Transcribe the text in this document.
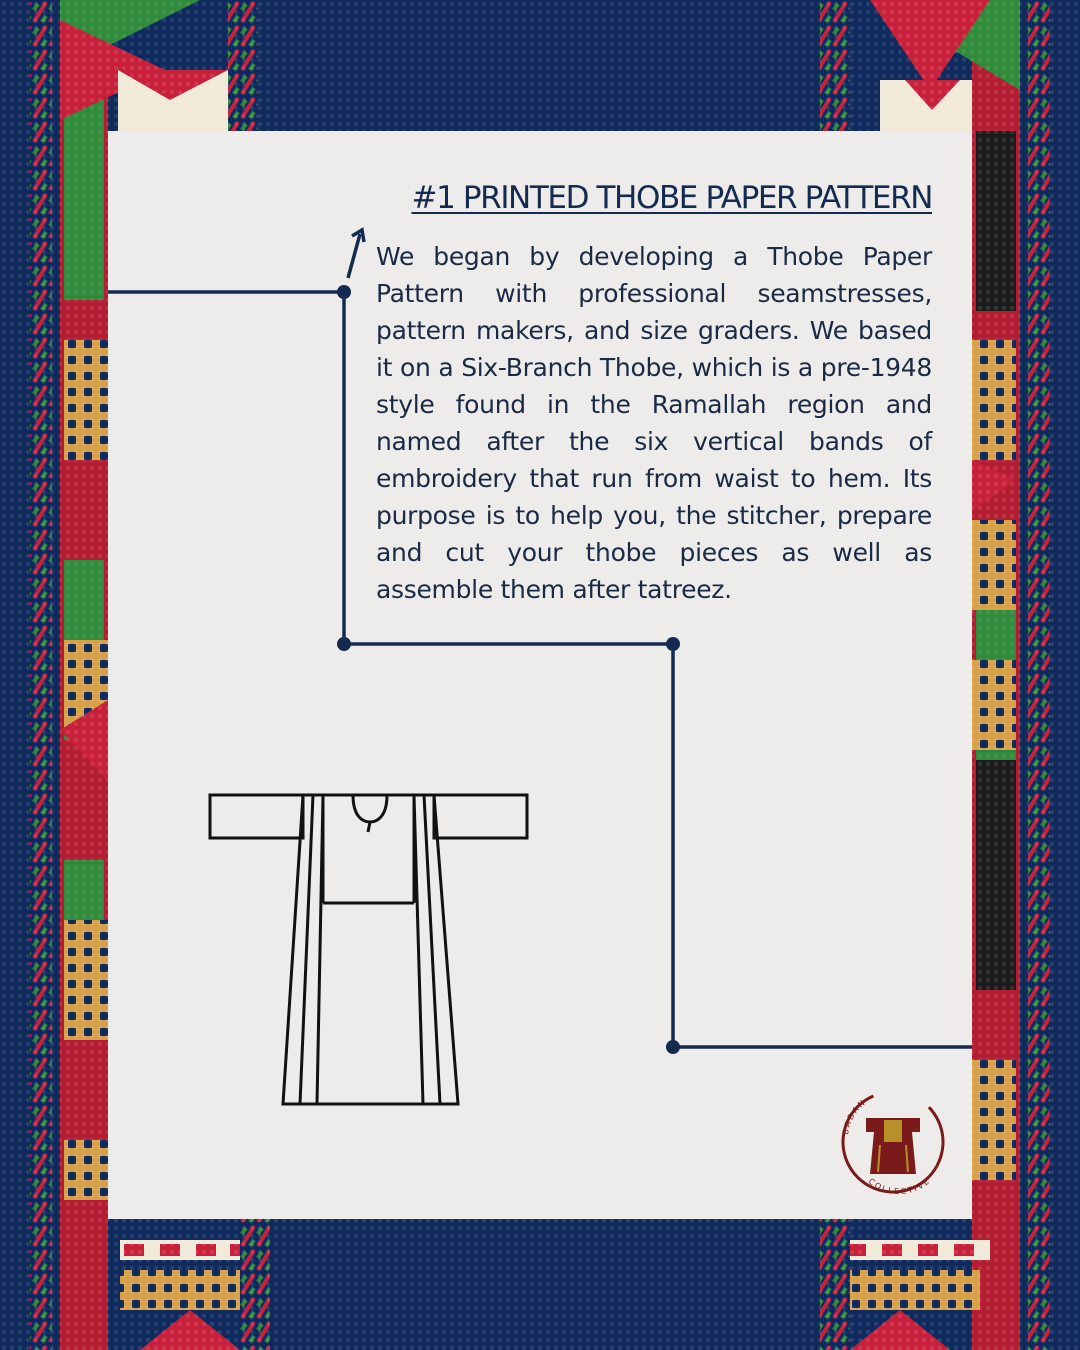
#1 PRINTED THOBE PAPER PATTERN

We began by developing a Thobe Paper Pattern with professional seamstresses, pattern makers, and size graders. We based it on a Six-Branch Thobe, which is a pre-1948 style found in the Ramallah region and named after the six vertical bands of embroidery that run from waist to hem. Its purpose is to help you, the stitcher, prepare and cut your thobe pieces as well as assemble them after tatreez.

BADAN
COLLECTIVE
